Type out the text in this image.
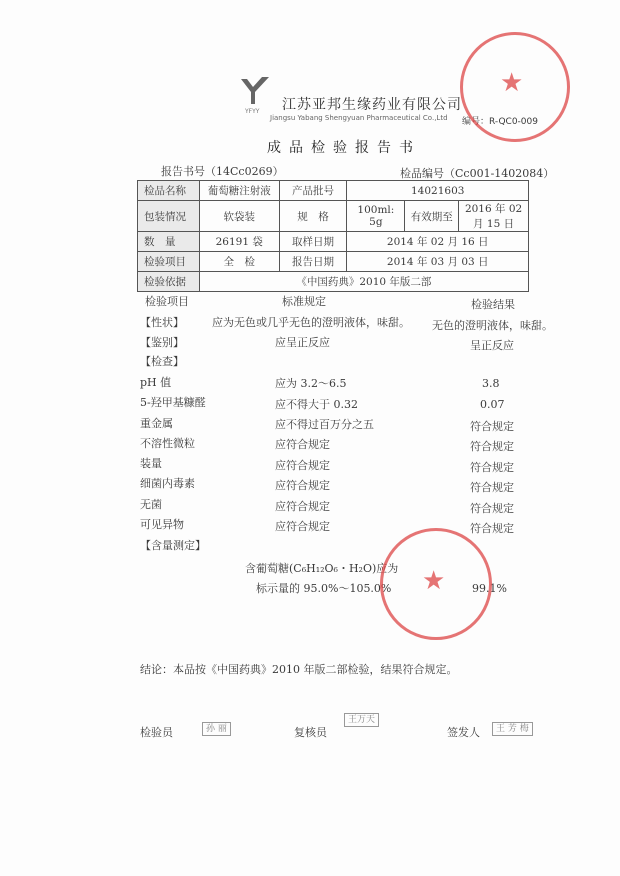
YFYY 江苏亚邦生缘药业有限公司
Jiangsu Yabang Shengyuan Pharmaceutical Co.,Ltd 编号：R-QC0-009
成品检验报告书
报告书号（14Cc0269）	检品编号（Cc001-1402084）
检品名称	葡萄糖注射液	产品批号	14021603		
包装情况	软袋装	规　格	100ml: 5g	有效期至	2016 年 02 月 15 日
数　量	26191 袋	取样日期	2014 年 02 月 16 日		
检验项目	全　检	报告日期	2014 年 03 月 03 日		
检验依据	《中国药典》2010 年版二部				
检验项目	标准规定	检验结果
【性状】	应为无色或几乎无色的澄明液体，味甜。 无色的澄明液体，味甜。
【鉴别】	应呈正反应	呈正反应
【检查】
pH 值	应为 3.2～6.5	3.8
5-羟甲基糠醛	应不得大于 0.32	0.07
重金属	应不得过百万分之五	符合规定
不溶性微粒	应符合规定	符合规定
装量	应符合规定	符合规定
细菌内毒素	应符合规定	符合规定
无菌	应符合规定	符合规定
可见异物	应符合规定	符合规定
【含量测定】
含葡萄糖(C₆H₁₂O₆・H₂O)应为
标示量的 95.0%～105.0%	99.1%
结论：本品按《中国药典》2010 年版二部检验，结果符合规定。
检验员	孙 丽	复核员
王万天
签发人	王 芳 梅
★
★
